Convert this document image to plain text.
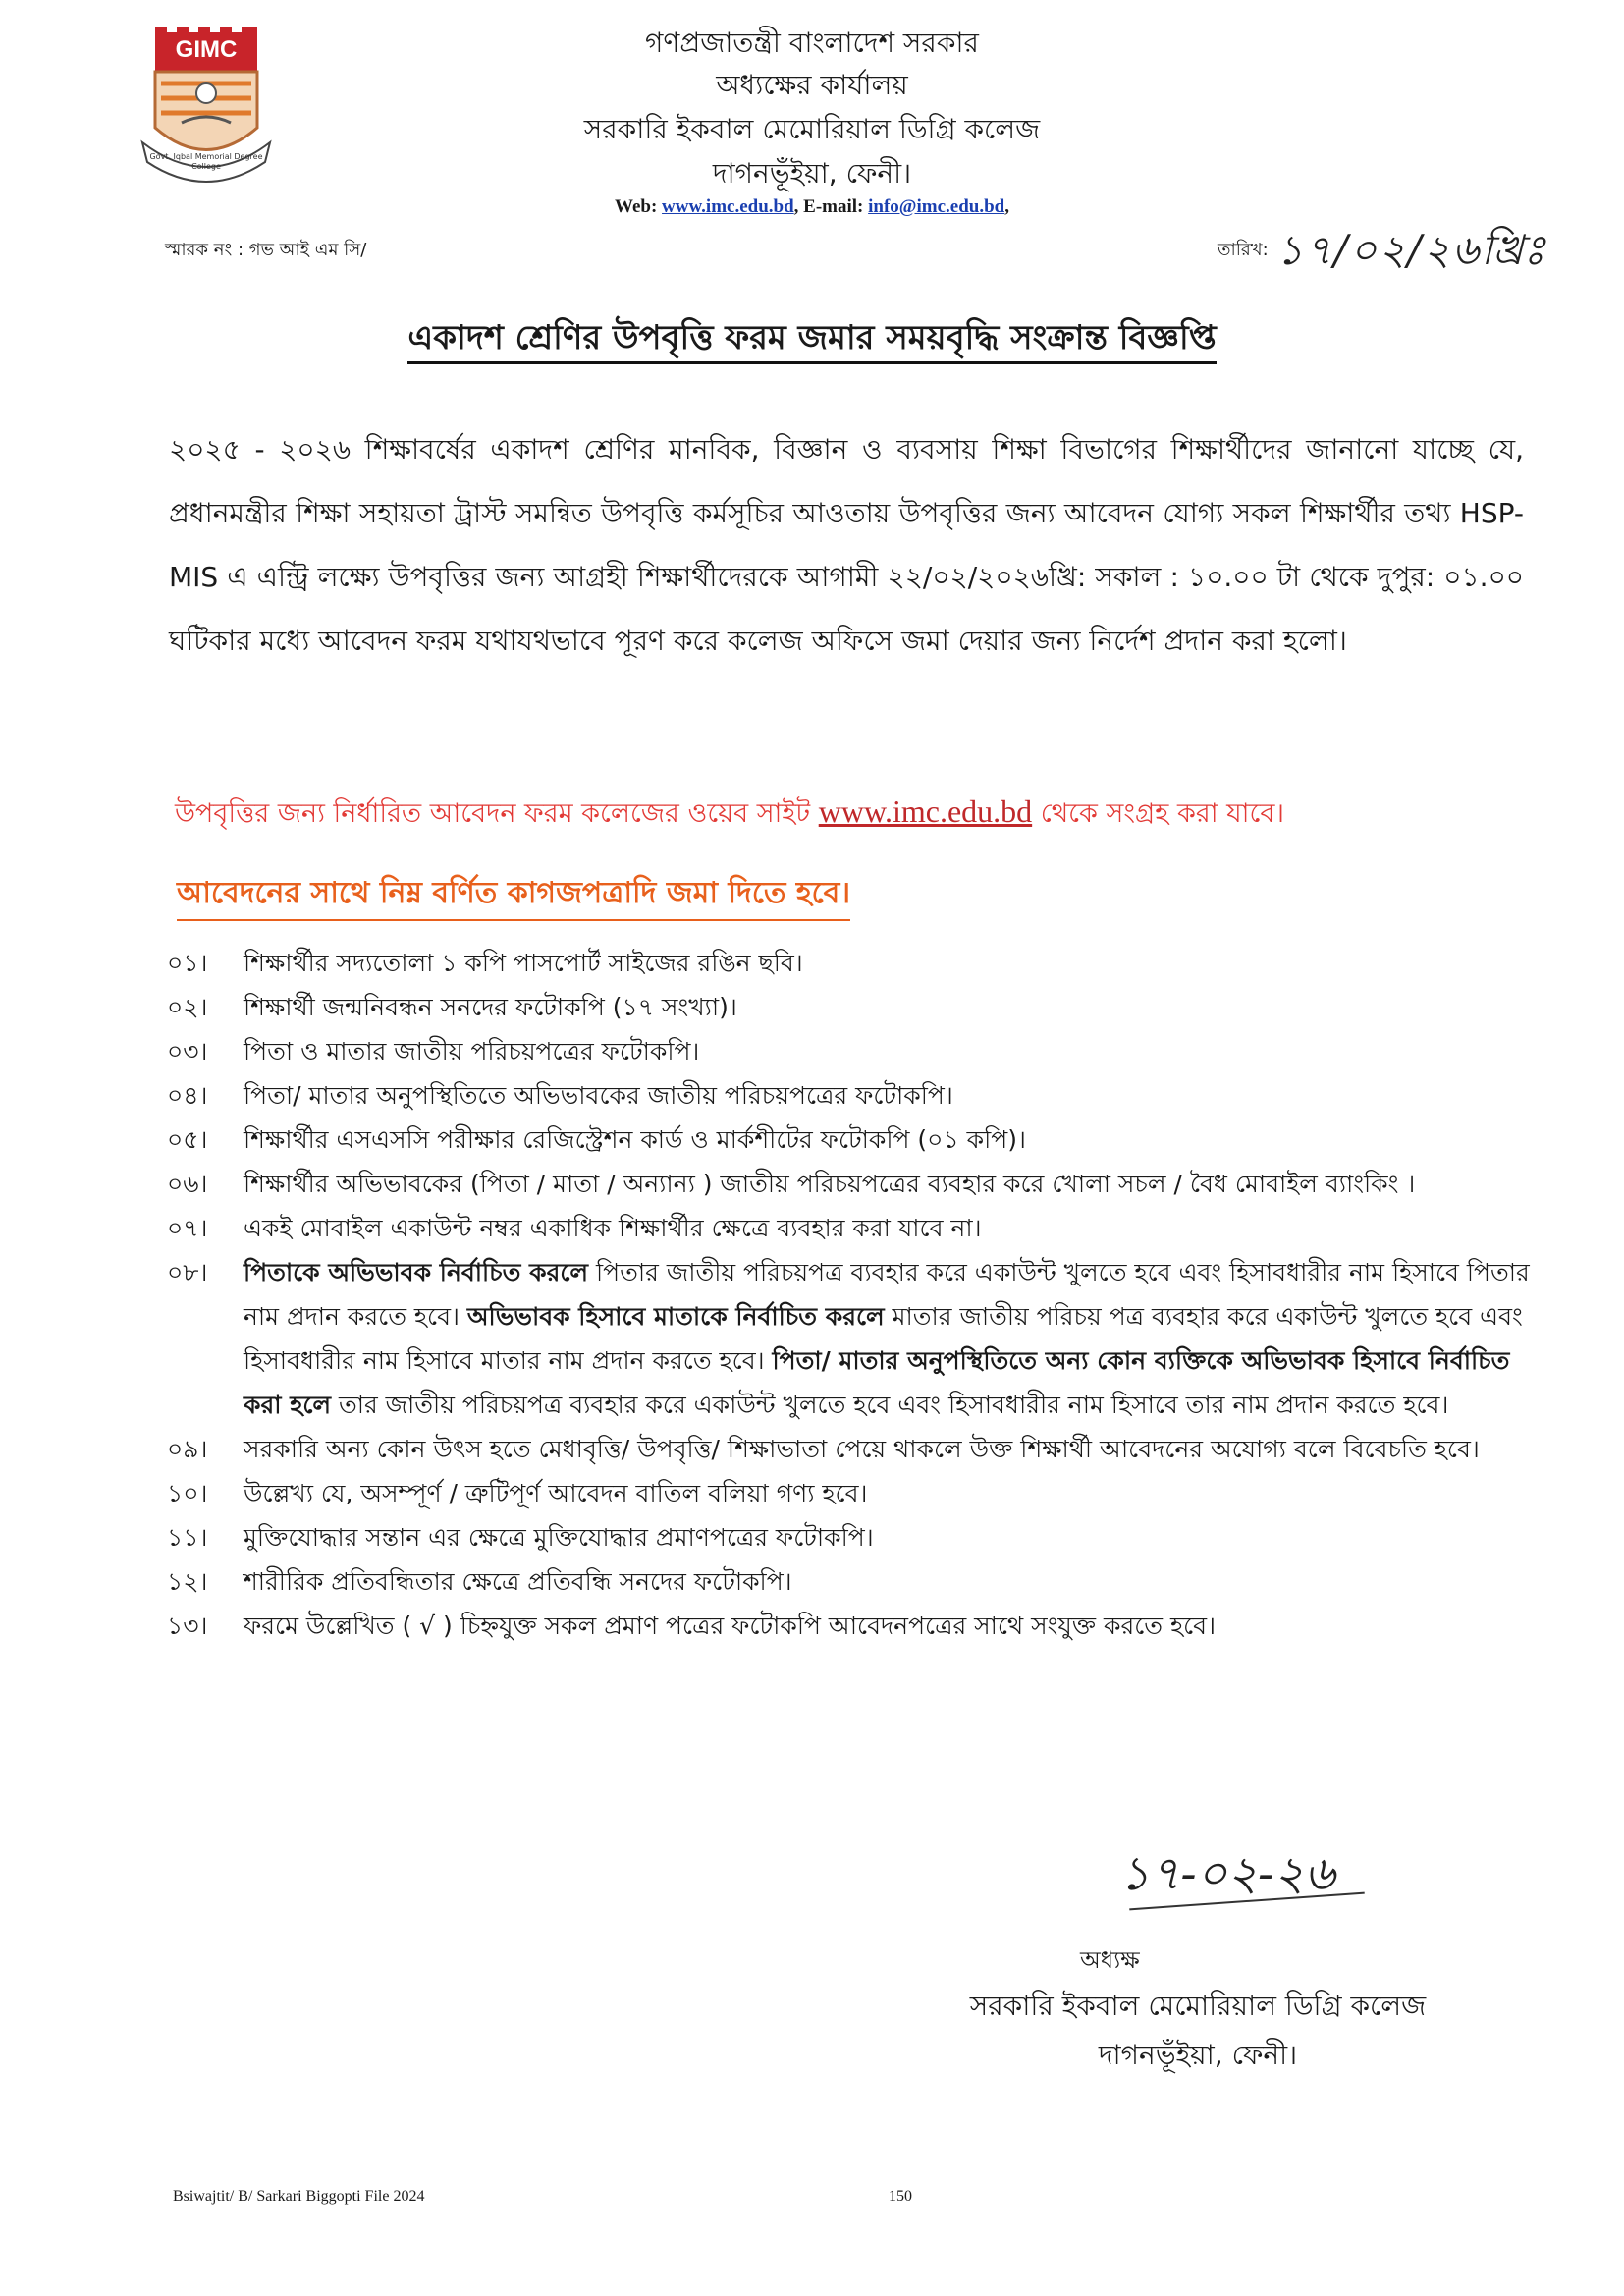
GIMC
Govt. Iqbal Memorial Degree College
গণপ্রজাতন্ত্রী বাংলাদেশ সরকার
অধ্যক্ষের কার্যালয়
সরকারি ইকবাল মেমোরিয়াল ডিগ্রি কলেজ
দাগনভূঁইয়া, ফেনী।
Web: www.imc.edu.bd, E-mail: info@imc.edu.bd,
স্মারক নং : গভ আই এম সি/	তারিখ: ১৭/০২/২৬খ্রিঃ
একাদশ শ্রেণির উপবৃত্তি ফরম জমার সময়বৃদ্ধি সংক্রান্ত বিজ্ঞপ্তি
২০২৫ - ২০২৬ শিক্ষাবর্ষের একাদশ শ্রেণির মানবিক, বিজ্ঞান ও ব্যবসায় শিক্ষা বিভাগের শিক্ষার্থীদের জানানো যাচ্ছে যে, প্রধানমন্ত্রীর শিক্ষা সহায়তা ট্রাস্ট সমন্বিত উপবৃত্তি কর্মসূচির আওতায় উপবৃত্তির জন্য আবেদন যোগ্য সকল শিক্ষার্থীর তথ্য HSP-MIS এ এন্ট্রি লক্ষ্যে উপবৃত্তির জন্য আগ্রহী শিক্ষার্থীদেরকে আগামী ২২/০২/২০২৬খ্রি: সকাল : ১০.০০ টা থেকে দুপুর: ০১.০০ ঘটিকার মধ্যে আবেদন ফরম যথাযথভাবে পূরণ করে কলেজ অফিসে জমা দেয়ার জন্য নির্দেশ প্রদান করা হলো।
উপবৃত্তির জন্য নির্ধারিত আবেদন ফরম কলেজের ওয়েব সাইট www.imc.edu.bd থেকে সংগ্রহ করা যাবে।
আবেদনের সাথে নিম্ন বর্ণিত কাগজপত্রাদি জমা দিতে হবে।
০১।	শিক্ষার্থীর সদ্যতোলা ১ কপি পাসপোর্ট সাইজের রঙিন ছবি।
০২।	শিক্ষার্থী জন্মনিবন্ধন সনদের ফটোকপি (১৭ সংখ্যা)।
০৩।	পিতা ও মাতার জাতীয় পরিচয়পত্রের ফটোকপি।
০৪।	পিতা/ মাতার অনুপস্থিতিতে অভিভাবকের জাতীয় পরিচয়পত্রের ফটোকপি।
০৫।	শিক্ষার্থীর এসএসসি পরীক্ষার রেজিস্ট্রেশন কার্ড ও মার্কশীটের ফটোকপি (০১ কপি)।
০৬।	শিক্ষার্থীর অভিভাবকের (পিতা / মাতা / অন্যান্য ) জাতীয় পরিচয়পত্রের ব্যবহার করে খোলা সচল / বৈধ মোবাইল ব্যাংকিং ।
০৭।	একই মোবাইল একাউন্ট নম্বর একাধিক শিক্ষার্থীর ক্ষেত্রে ব্যবহার করা যাবে না।
০৮।	পিতাকে অভিভাবক নির্বাচিত করলে পিতার জাতীয় পরিচয়পত্র ব্যবহার করে একাউন্ট খুলতে হবে এবং হিসাবধারীর নাম হিসাবে পিতার নাম প্রদান করতে হবে। অভিভাবক হিসাবে মাতাকে নির্বাচিত করলে মাতার জাতীয় পরিচয় পত্র ব্যবহার করে একাউন্ট খুলতে হবে এবং হিসাবধারীর নাম হিসাবে মাতার নাম প্রদান করতে হবে। পিতা/ মাতার অনুপস্থিতিতে অন্য কোন ব্যক্তিকে অভিভাবক হিসাবে নির্বাচিত করা হলে তার জাতীয় পরিচয়পত্র ব্যবহার করে একাউন্ট খুলতে হবে এবং হিসাবধারীর নাম হিসাবে তার নাম প্রদান করতে হবে।
০৯।	সরকারি অন্য কোন উৎস হতে মেধাবৃত্তি/ উপবৃত্তি/ শিক্ষাভাতা পেয়ে থাকলে উক্ত শিক্ষার্থী আবেদনের অযোগ্য বলে বিবেচতি হবে।
১০।	উল্লেখ্য যে, অসম্পূর্ণ / ত্রুটিপূর্ণ আবেদন বাতিল বলিয়া গণ্য হবে।
১১।	মুক্তিযোদ্ধার সন্তান এর ক্ষেত্রে মুক্তিযোদ্ধার প্রমাণপত্রের ফটোকপি।
১২।	শারীরিক প্রতিবন্ধিতার ক্ষেত্রে প্রতিবন্ধি সনদের ফটোকপি।
১৩।	ফরমে উল্লেখিত ( √ ) চিহ্নযুক্ত সকল প্রমাণ পত্রের ফটোকপি আবেদনপত্রের সাথে সংযুক্ত করতে হবে।
১৭-০২-২৬
অধ্যক্ষ
সরকারি ইকবাল মেমোরিয়াল ডিগ্রি কলেজ
দাগনভূঁইয়া, ফেনী।
Bsiwajtit/ B/ Sarkari Biggopti File 2024	150
